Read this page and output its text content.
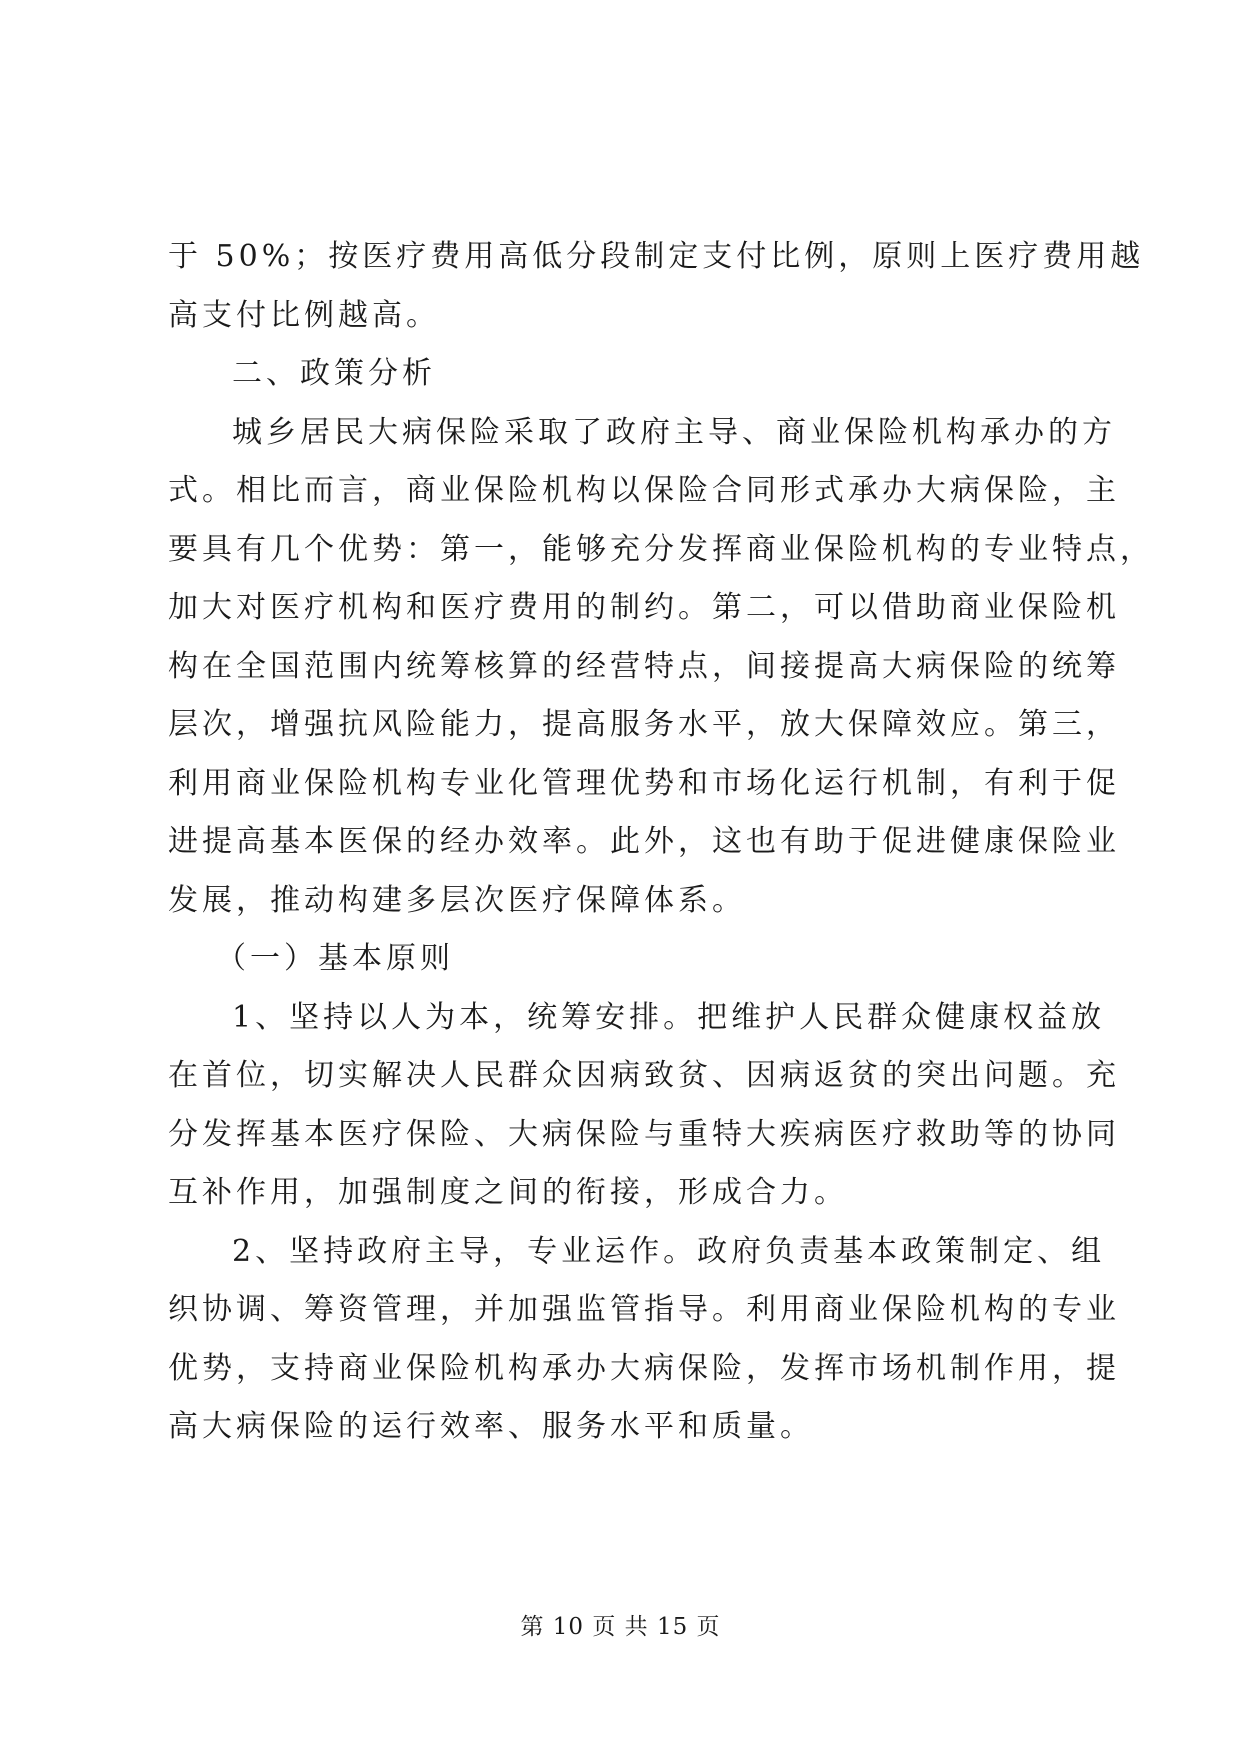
于 50%；按医疗费用高低分段制定支付比例，原则上医疗费用越
高支付比例越高。
二、政策分析
城乡居民大病保险采取了政府主导、商业保险机构承办的方
式。相比而言，商业保险机构以保险合同形式承办大病保险，主
要具有几个优势：第一，能够充分发挥商业保险机构的专业特点，
加大对医疗机构和医疗费用的制约。第二，可以借助商业保险机
构在全国范围内统筹核算的经营特点，间接提高大病保险的统筹
层次，增强抗风险能力，提高服务水平，放大保障效应。第三，
利用商业保险机构专业化管理优势和市场化运行机制，有利于促
进提高基本医保的经办效率。此外，这也有助于促进健康保险业
发展，推动构建多层次医疗保障体系。
（一）基本原则
1、坚持以人为本，统筹安排。把维护人民群众健康权益放
在首位，切实解决人民群众因病致贫、因病返贫的突出问题。充
分发挥基本医疗保险、大病保险与重特大疾病医疗救助等的协同
互补作用，加强制度之间的衔接，形成合力。
2、坚持政府主导，专业运作。政府负责基本政策制定、组
织协调、筹资管理，并加强监管指导。利用商业保险机构的专业
优势，支持商业保险机构承办大病保险，发挥市场机制作用，提
高大病保险的运行效率、服务水平和质量。
第 10 页 共 15 页
